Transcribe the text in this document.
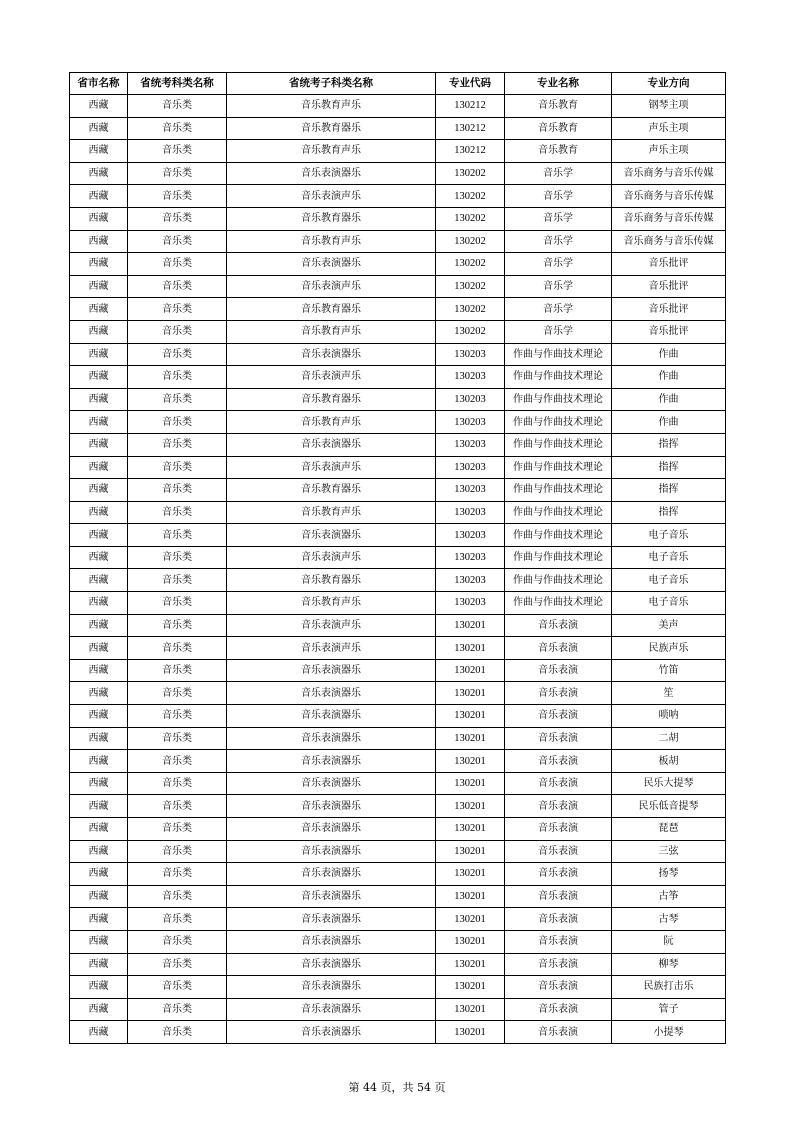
省市名称	省统考科类名称	省统考子科类名称	专业代码	专业名称	专业方向
西藏	音乐类	音乐教育声乐	130212	音乐教育	钢琴主项
西藏	音乐类	音乐教育器乐	130212	音乐教育	声乐主项
西藏	音乐类	音乐教育声乐	130212	音乐教育	声乐主项
西藏	音乐类	音乐表演器乐	130202	音乐学	音乐商务与音乐传媒
西藏	音乐类	音乐表演声乐	130202	音乐学	音乐商务与音乐传媒
西藏	音乐类	音乐教育器乐	130202	音乐学	音乐商务与音乐传媒
西藏	音乐类	音乐教育声乐	130202	音乐学	音乐商务与音乐传媒
西藏	音乐类	音乐表演器乐	130202	音乐学	音乐批评
西藏	音乐类	音乐表演声乐	130202	音乐学	音乐批评
西藏	音乐类	音乐教育器乐	130202	音乐学	音乐批评
西藏	音乐类	音乐教育声乐	130202	音乐学	音乐批评
西藏	音乐类	音乐表演器乐	130203	作曲与作曲技术理论	作曲
西藏	音乐类	音乐表演声乐	130203	作曲与作曲技术理论	作曲
西藏	音乐类	音乐教育器乐	130203	作曲与作曲技术理论	作曲
西藏	音乐类	音乐教育声乐	130203	作曲与作曲技术理论	作曲
西藏	音乐类	音乐表演器乐	130203	作曲与作曲技术理论	指挥
西藏	音乐类	音乐表演声乐	130203	作曲与作曲技术理论	指挥
西藏	音乐类	音乐教育器乐	130203	作曲与作曲技术理论	指挥
西藏	音乐类	音乐教育声乐	130203	作曲与作曲技术理论	指挥
西藏	音乐类	音乐表演器乐	130203	作曲与作曲技术理论	电子音乐
西藏	音乐类	音乐表演声乐	130203	作曲与作曲技术理论	电子音乐
西藏	音乐类	音乐教育器乐	130203	作曲与作曲技术理论	电子音乐
西藏	音乐类	音乐教育声乐	130203	作曲与作曲技术理论	电子音乐
西藏	音乐类	音乐表演声乐	130201	音乐表演	美声
西藏	音乐类	音乐表演声乐	130201	音乐表演	民族声乐
西藏	音乐类	音乐表演器乐	130201	音乐表演	竹笛
西藏	音乐类	音乐表演器乐	130201	音乐表演	笙
西藏	音乐类	音乐表演器乐	130201	音乐表演	唢呐
西藏	音乐类	音乐表演器乐	130201	音乐表演	二胡
西藏	音乐类	音乐表演器乐	130201	音乐表演	板胡
西藏	音乐类	音乐表演器乐	130201	音乐表演	民乐大提琴
西藏	音乐类	音乐表演器乐	130201	音乐表演	民乐低音提琴
西藏	音乐类	音乐表演器乐	130201	音乐表演	琵琶
西藏	音乐类	音乐表演器乐	130201	音乐表演	三弦
西藏	音乐类	音乐表演器乐	130201	音乐表演	扬琴
西藏	音乐类	音乐表演器乐	130201	音乐表演	古筝
西藏	音乐类	音乐表演器乐	130201	音乐表演	古琴
西藏	音乐类	音乐表演器乐	130201	音乐表演	阮
西藏	音乐类	音乐表演器乐	130201	音乐表演	柳琴
西藏	音乐类	音乐表演器乐	130201	音乐表演	民族打击乐
西藏	音乐类	音乐表演器乐	130201	音乐表演	管子
西藏	音乐类	音乐表演器乐	130201	音乐表演	小提琴
第 44 页，共 54 页
